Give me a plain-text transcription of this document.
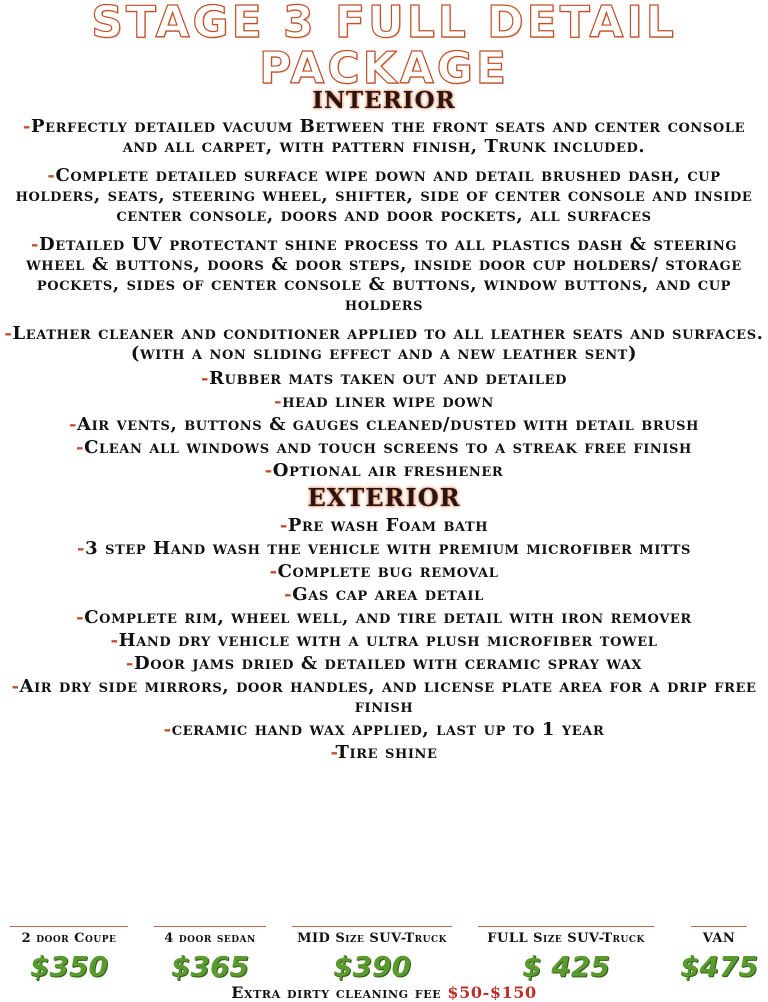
STAGE 3 FULL DETAIL
PACKAGE
INTERIOR
-Perfectly detailed vacuum Between the front seats and center console and all carpet, with pattern finish, Trunk included.
-Complete detailed surface wipe down and detail brushed dash, cup holders, seats, steering wheel, shifter, side of center console and inside center console, doors and door pockets, all surfaces
-Detailed UV protectant shine process to all plastics dash & steering wheel & buttons, doors & door steps, inside door cup holders/ storage pockets, sides of center console & buttons, window buttons, and cup holders
-Leather cleaner and conditioner applied to all leather seats and surfaces.(with a non sliding effect and a new leather sent)
-Rubber mats taken out and detailed
-head liner wipe down
-Air vents, buttons & gauges cleaned/dusted with detail brush
-Clean all windows and touch screens to a streak free finish
-Optional air freshener
EXTERIOR
-Pre wash Foam bath
-3 step Hand wash the vehicle with premium microfiber mitts
-Complete bug removal
-Gas cap area detail
-Complete rim, wheel well, and tire detail with iron remover
-Hand dry vehicle with a ultra plush microfiber towel
-Door jams dried & detailed with ceramic spray wax
-Air dry side mirrors, door handles, and license plate area for a drip free finish
-ceramic hand wax applied, last up to 1 year
-Tire shine
2 door Coupe
$350
4 door sedan
$365
MID Size SUV-Truck
$390
FULL Size SUV-Truck
$ 425
VAN
$475
Extra dirty cleaning fee $50-$150
